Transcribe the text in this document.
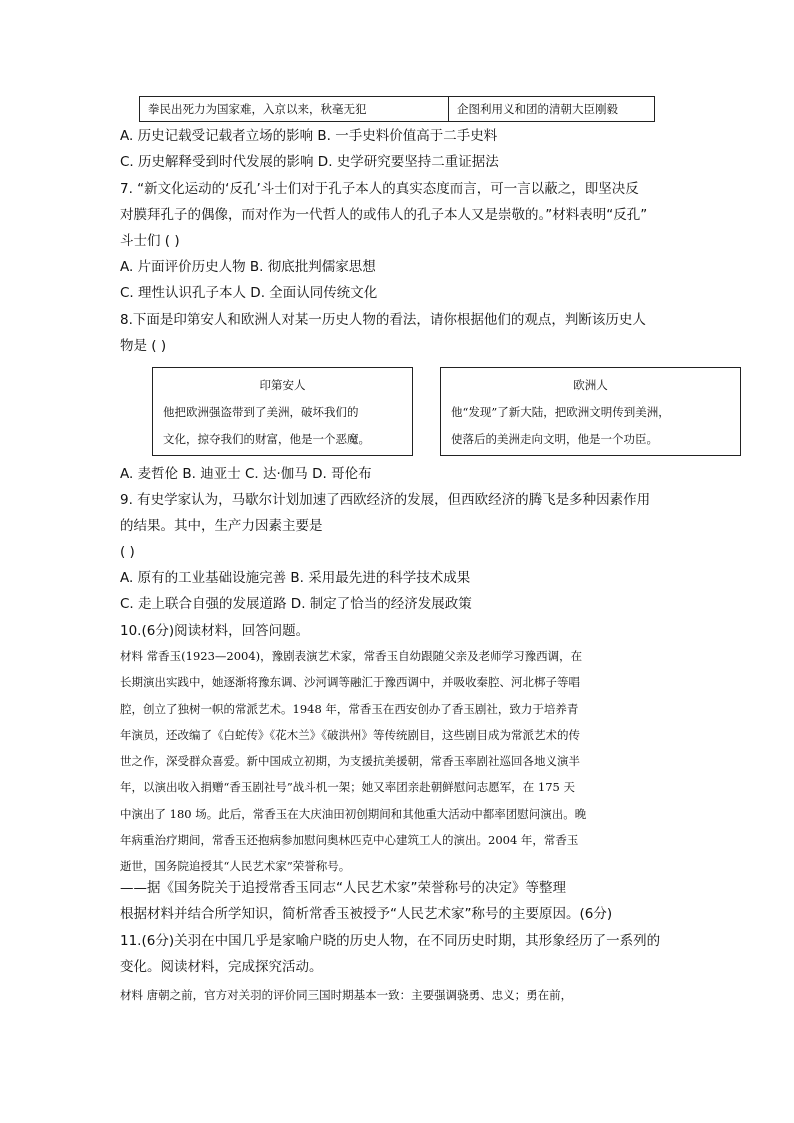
拳民出死力为国家难，入京以来，秋毫无犯	企图利用义和团的清朝大臣刚毅
A. 历史记载受记载者立场的影响 B. 一手史料价值高于二手史料
C. 历史解释受到时代发展的影响 D. 史学研究要坚持二重证据法
7. “新文化运动的‘反孔’斗士们对于孔子本人的真实态度而言，可一言以蔽之，即坚决反
对膜拜孔子的偶像，而对作为一代哲人的或伟人的孔子本人又是崇敬的。”材料表明“反孔”
斗士们 ( )
A. 片面评价历史人物 B. 彻底批判儒家思想
C. 理性认识孔子本人 D. 全面认同传统文化
8.下面是印第安人和欧洲人对某一历史人物的看法，请你根据他们的观点，判断该历史人
物是 ( )
印第安人
他把欧洲强盗带到了美洲，破坏我们的
文化，掠夺我们的财富，他是一个恶魔。
欧洲人
他“发现”了新大陆，把欧洲文明传到美洲，
使落后的美洲走向文明，他是一个功臣。
A. 麦哲伦 B. 迪亚士 C. 达·伽马 D. 哥伦布
9. 有史学家认为，马歇尔计划加速了西欧经济的发展，但西欧经济的腾飞是多种因素作用
的结果。其中，生产力因素主要是
( )
A. 原有的工业基础设施完善 B. 采用最先进的科学技术成果
C. 走上联合自强的发展道路 D. 制定了恰当的经济发展政策
10.(6分)阅读材料，回答问题。
材料 常香玉(1923—2004)，豫剧表演艺术家，常香玉自幼跟随父亲及老师学习豫西调，在
长期演出实践中，她逐渐将豫东调、沙河调等融汇于豫西调中，并吸收秦腔、河北梆子等唱
腔，创立了独树一帜的常派艺术。1948 年，常香玉在西安创办了香玉剧社，致力于培养青
年演员，还改编了《白蛇传》《花木兰》《破洪州》等传统剧目，这些剧目成为常派艺术的传
世之作，深受群众喜爱。新中国成立初期，为支援抗美援朝，常香玉率剧社巡回各地义演半
年，以演出收入捐赠“香玉剧社号”战斗机一架；她又率团亲赴朝鲜慰问志愿军，在 175 天
中演出了 180 场。此后，常香玉在大庆油田初创期间和其他重大活动中都率团慰问演出。晚
年病重治疗期间，常香玉还抱病参加慰问奥林匹克中心建筑工人的演出。2004 年，常香玉
逝世，国务院追授其“人民艺术家”荣誉称号。
——据《国务院关于追授常香玉同志“人民艺术家”荣誉称号的决定》等整理
根据材料并结合所学知识，简析常香玉被授予“人民艺术家”称号的主要原因。(6分)
11.(6分)关羽在中国几乎是家喻户晓的历史人物，在不同历史时期，其形象经历了一系列的
变化。阅读材料，完成探究活动。
材料 唐朝之前，官方对关羽的评价同三国时期基本一致：主要强调骁勇、忠义；勇在前，
